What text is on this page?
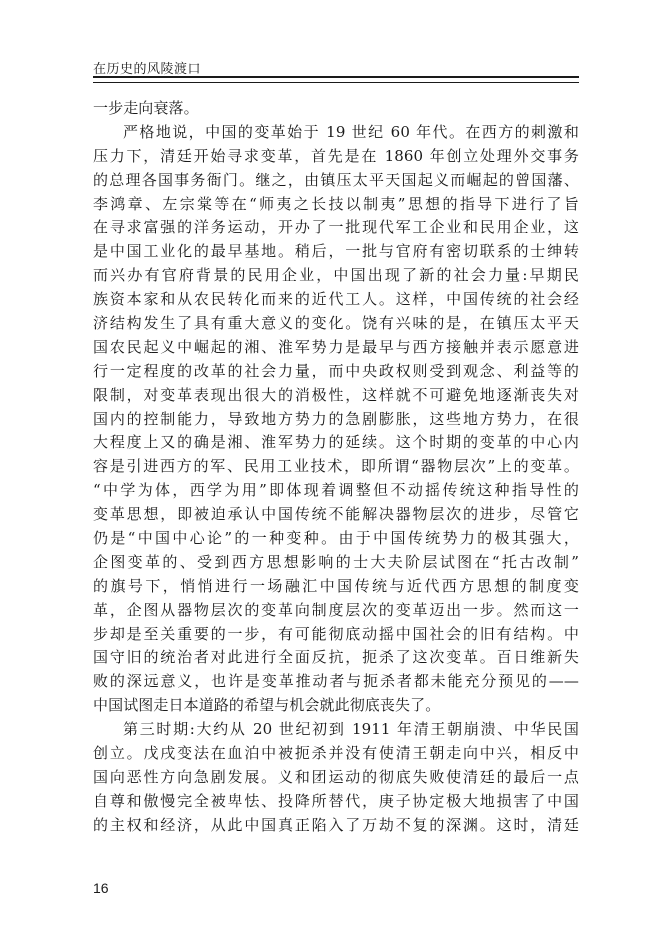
在历史的风陵渡口
一步走向衰落。
严格地说，中国的变革始于 19 世纪 60 年代。在西方的刺激和
压力下，清廷开始寻求变革，首先是在 1860 年创立处理外交事务
的总理各国事务衙门。继之，由镇压太平天国起义而崛起的曾国藩、
李鸿章、左宗棠等在“师夷之长技以制夷”思想的指导下进行了旨
在寻求富强的洋务运动，开办了一批现代军工企业和民用企业，这
是中国工业化的最早基地。稍后，一批与官府有密切联系的士绅转
而兴办有官府背景的民用企业，中国出现了新的社会力量:早期民
族资本家和从农民转化而来的近代工人。这样，中国传统的社会经
济结构发生了具有重大意义的变化。饶有兴味的是，在镇压太平天
国农民起义中崛起的湘、淮军势力是最早与西方接触并表示愿意进
行一定程度的改革的社会力量，而中央政权则受到观念、利益等的
限制，对变革表现出很大的消极性，这样就不可避免地逐渐丧失对
国内的控制能力，导致地方势力的急剧膨胀，这些地方势力，在很
大程度上又的确是湘、淮军势力的延续。这个时期的变革的中心内
容是引进西方的军、民用工业技术，即所谓“器物层次”上的变革。
“中学为体，西学为用”即体现着调整但不动摇传统这种指导性的
变革思想，即被迫承认中国传统不能解决器物层次的进步，尽管它
仍是“中国中心论”的一种变种。由于中国传统势力的极其强大，
企图变革的、受到西方思想影响的士大夫阶层试图在“托古改制”
的旗号下，悄悄进行一场融汇中国传统与近代西方思想的制度变
革，企图从器物层次的变革向制度层次的变革迈出一步。然而这一
步却是至关重要的一步，有可能彻底动摇中国社会的旧有结构。中
国守旧的统治者对此进行全面反抗，扼杀了这次变革。百日维新失
败的深远意义，也许是变革推动者与扼杀者都未能充分预见的——
中国试图走日本道路的希望与机会就此彻底丧失了。
第三时期:大约从 20 世纪初到 1911 年清王朝崩溃、中华民国
创立。戊戌变法在血泊中被扼杀并没有使清王朝走向中兴，相反中
国向恶性方向急剧发展。义和团运动的彻底失败使清廷的最后一点
自尊和傲慢完全被卑怯、投降所替代，庚子协定极大地损害了中国
的主权和经济，从此中国真正陷入了万劫不复的深渊。这时，清廷
16
